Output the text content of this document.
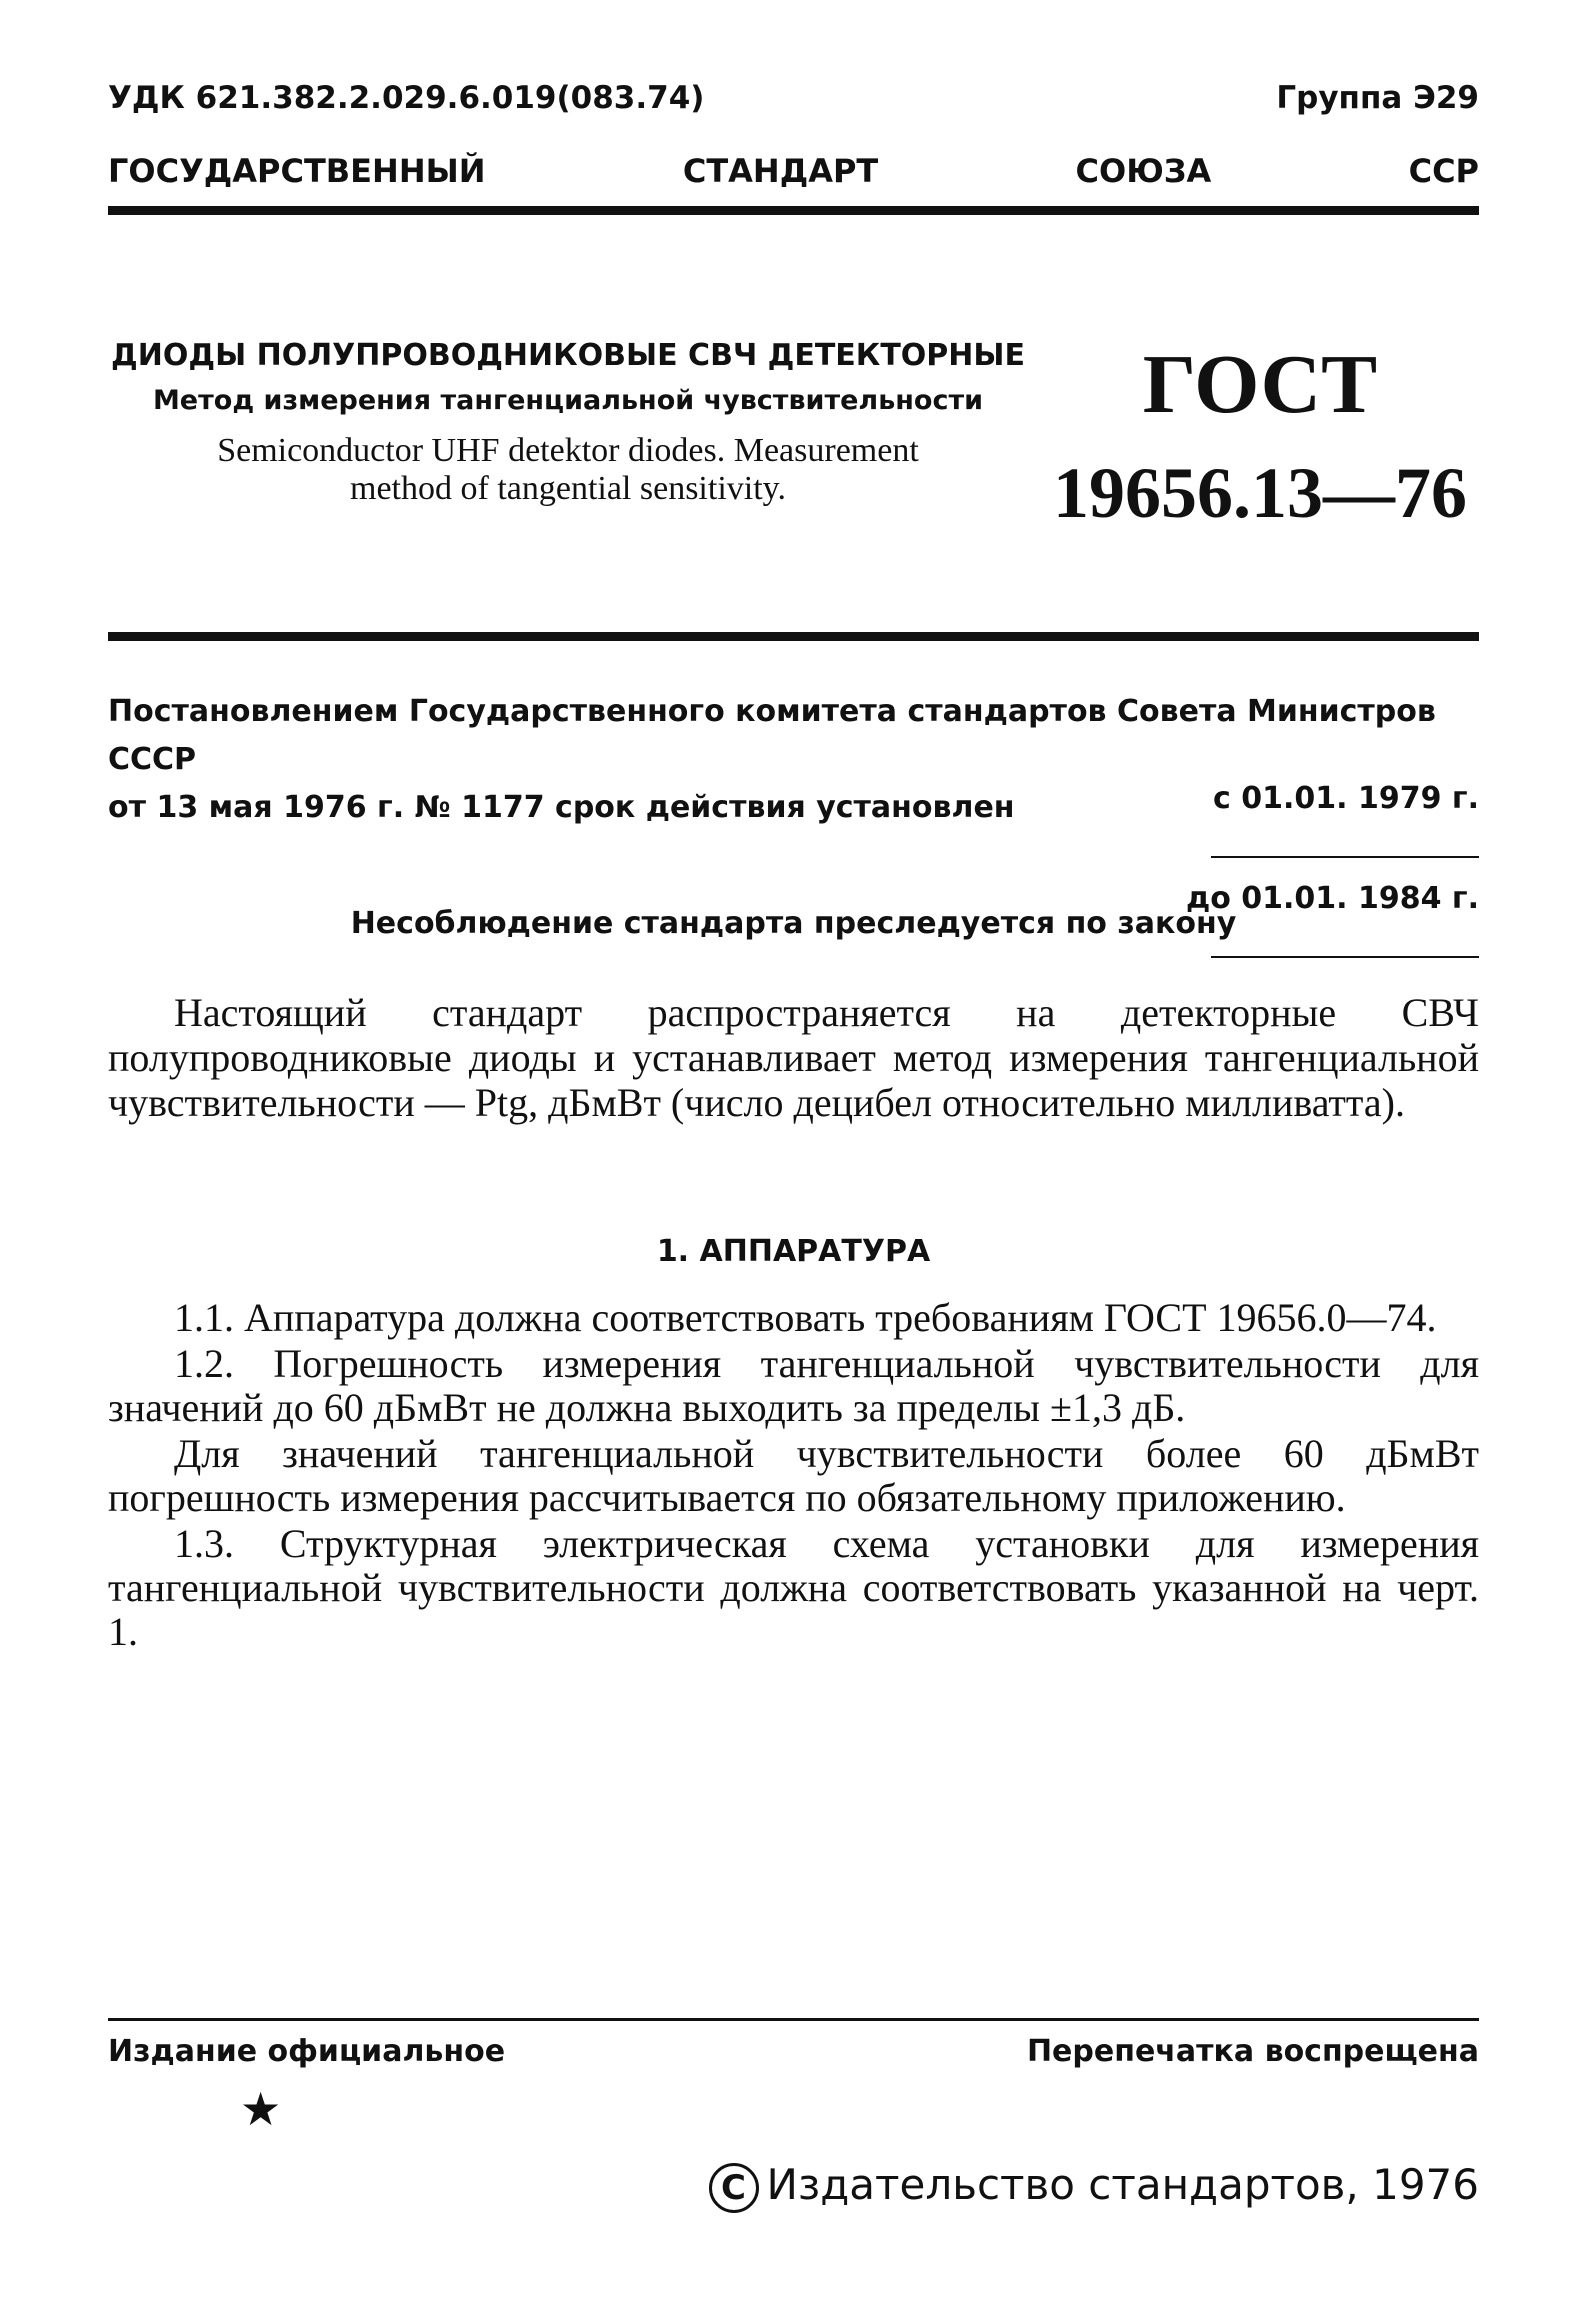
УДК 621.382.2.029.6.019(083.74)	Группа Э29
ГОСУДАРСТВЕННЫЙ	СТАНДАРТ	СОЮЗА	ССР
ДИОДЫ ПОЛУПРОВОДНИКОВЫЕ СВЧ ДЕТЕКТОРНЫЕ
Метод измерения тангенциальной чувствительности
Semiconductor UHF detektor diodes. Measurement
method of tangential sensitivity.
ГОСТ
19656.13—76
Постановлением Государственного комитета стандартов Совета Министров СССР
от 13 мая 1976 г. № 1177 срок действия установлен	с 01.01. 1979 г.
до 01.01. 1984 г.
Несоблюдение стандарта преследуется по закону

Настоящий стандарт распространяется на детекторные СВЧ полупроводниковые диоды и устанавливает метод измерения тангенциальной чувствительности — Ptg, дБмВт (число децибел относительно милливатта).

1. АППАРАТУРА

1.1. Аппаратура должна соответствовать требованиям ГОСТ 19656.0—74.

1.2. Погрешность измерения тангенциальной чувствительности для значений до 60 дБмВт не должна выходить за пределы ±1,3 дБ.

Для значений тангенциальной чувствительности более 60 дБмВт погрешность измерения рассчитывается по обязательному приложению.

1.3. Структурная электрическая схема установки для измерения тангенциальной чувствительности должна соответствовать указанной на черт. 1.

Издание официальное	Перепечатка воспрещена
★
C Издательство стандартов, 1976
